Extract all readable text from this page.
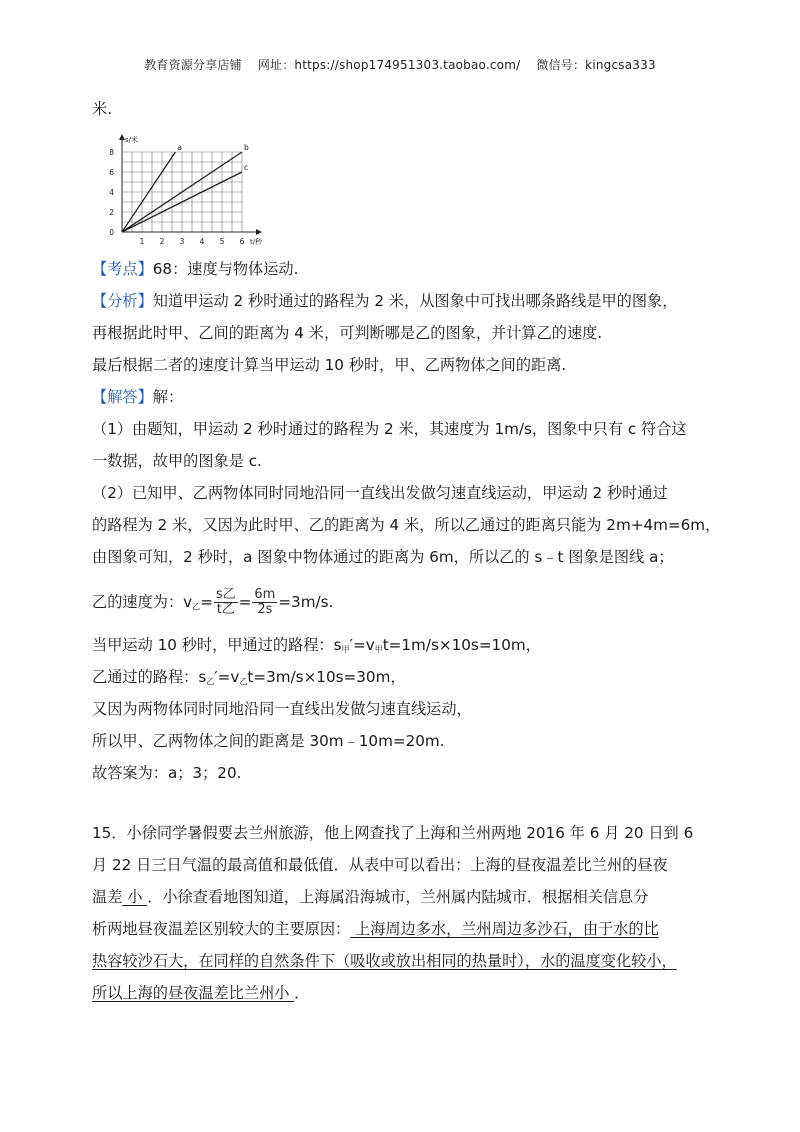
教育资源分享店铺 网址：https://shop174951303.taobao.com/ 微信号：kingcsa333
米.
1 2 3 4 5 6
0
2
4
6
8
s/米
t/秒
a	b
c
【考点】68：速度与物体运动.
【分析】知道甲运动 2 秒时通过的路程为 2 米，从图象中可找出哪条路线是甲的图象，
再根据此时甲、乙间的距离为 4 米，可判断哪是乙的图象，并计算乙的速度.
最后根据二者的速度计算当甲运动 10 秒时，甲、乙两物体之间的距离.
【解答】解：
（1）由题知，甲运动 2 秒时通过的路程为 2 米，其速度为 1m/s，图象中只有 c 符合这
一数据，故甲的图象是 c.
（2）已知甲、乙两物体同时同地沿同一直线出发做匀速直线运动，甲运动 2 秒时通过
的路程为 2 米，又因为此时甲、乙的距离为 4 米，所以乙通过的距离只能为 2m+4m=6m，
由图象可知，2 秒时，a 图象中物体通过的距离为 6m，所以乙的 s﹣t 图象是图线 a；
乙的速度为：$v_乙= \frac{\text{s乙}}{\text{t乙}} = \frac{6m}{2s} =3m/s$.
当甲运动 10 秒时，甲通过的路程：$s_甲'=v_甲t=1m/s\times 10s=10m$，
乙通过的路程：$s_乙'=v_乙t=3m/s\times 10s=30m$，
又因为两物体同时同地沿同一直线出发做匀速直线运动，
所以甲、乙两物体之间的距离是 30m﹣10m=20m.
故答案为：a；3；20.
15．小徐同学暑假要去兰州旅游，他上网查找了上海和兰州两地 2016 年 6 月 20 日到 6
月 22 日三日气温的最高值和最低值．从表中可以看出：上海的昼夜温差比兰州的昼夜
温差 小 ．小徐查看地图知道，上海属沿海城市，兰州属内陆城市．根据相关信息分
析两地昼夜温差区别较大的主要原因： 上海周边多水，兰州周边多沙石，由于水的比
热容较沙石大，在同样的自然条件下（吸收或放出相同的热量时），水的温度变化较小，
所以上海的昼夜温差比兰州小 ．
